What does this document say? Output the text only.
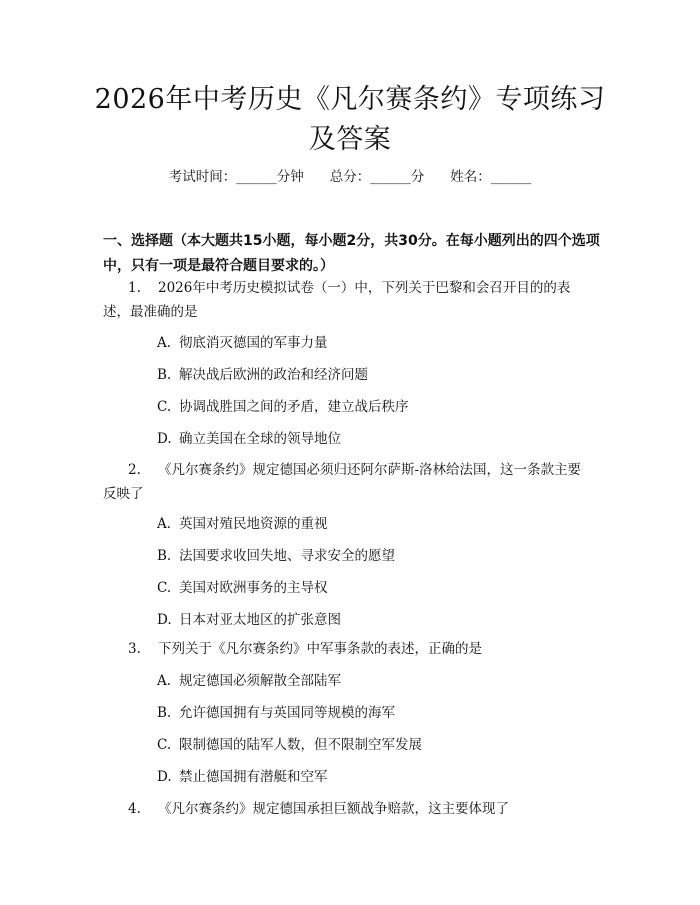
2026年中考历史《凡尔赛条约》专项练习及答案
考试时间：______分钟 总分：______分 姓名：______
一、选择题（本大题共15小题，每小题2分，共30分。在每小题列出的四个选项中，只有一项是最符合题目要求的。）
1. 2026年中考历史模拟试卷（一）中，下列关于巴黎和会召开目的的表述，最准确的是
A. 彻底消灭德国的军事力量
B. 解决战后欧洲的政治和经济问题
C. 协调战胜国之间的矛盾，建立战后秩序
D. 确立美国在全球的领导地位
2. 《凡尔赛条约》规定德国必须归还阿尔萨斯-洛林给法国，这一条款主要反映了
A. 英国对殖民地资源的重视
B. 法国要求收回失地、寻求安全的愿望
C. 美国对欧洲事务的主导权
D. 日本对亚太地区的扩张意图
3. 下列关于《凡尔赛条约》中军事条款的表述，正确的是
A. 规定德国必须解散全部陆军
B. 允许德国拥有与英国同等规模的海军
C. 限制德国的陆军人数，但不限制空军发展
D. 禁止德国拥有潜艇和空军
4. 《凡尔赛条约》规定德国承担巨额战争赔款，这主要体现了
